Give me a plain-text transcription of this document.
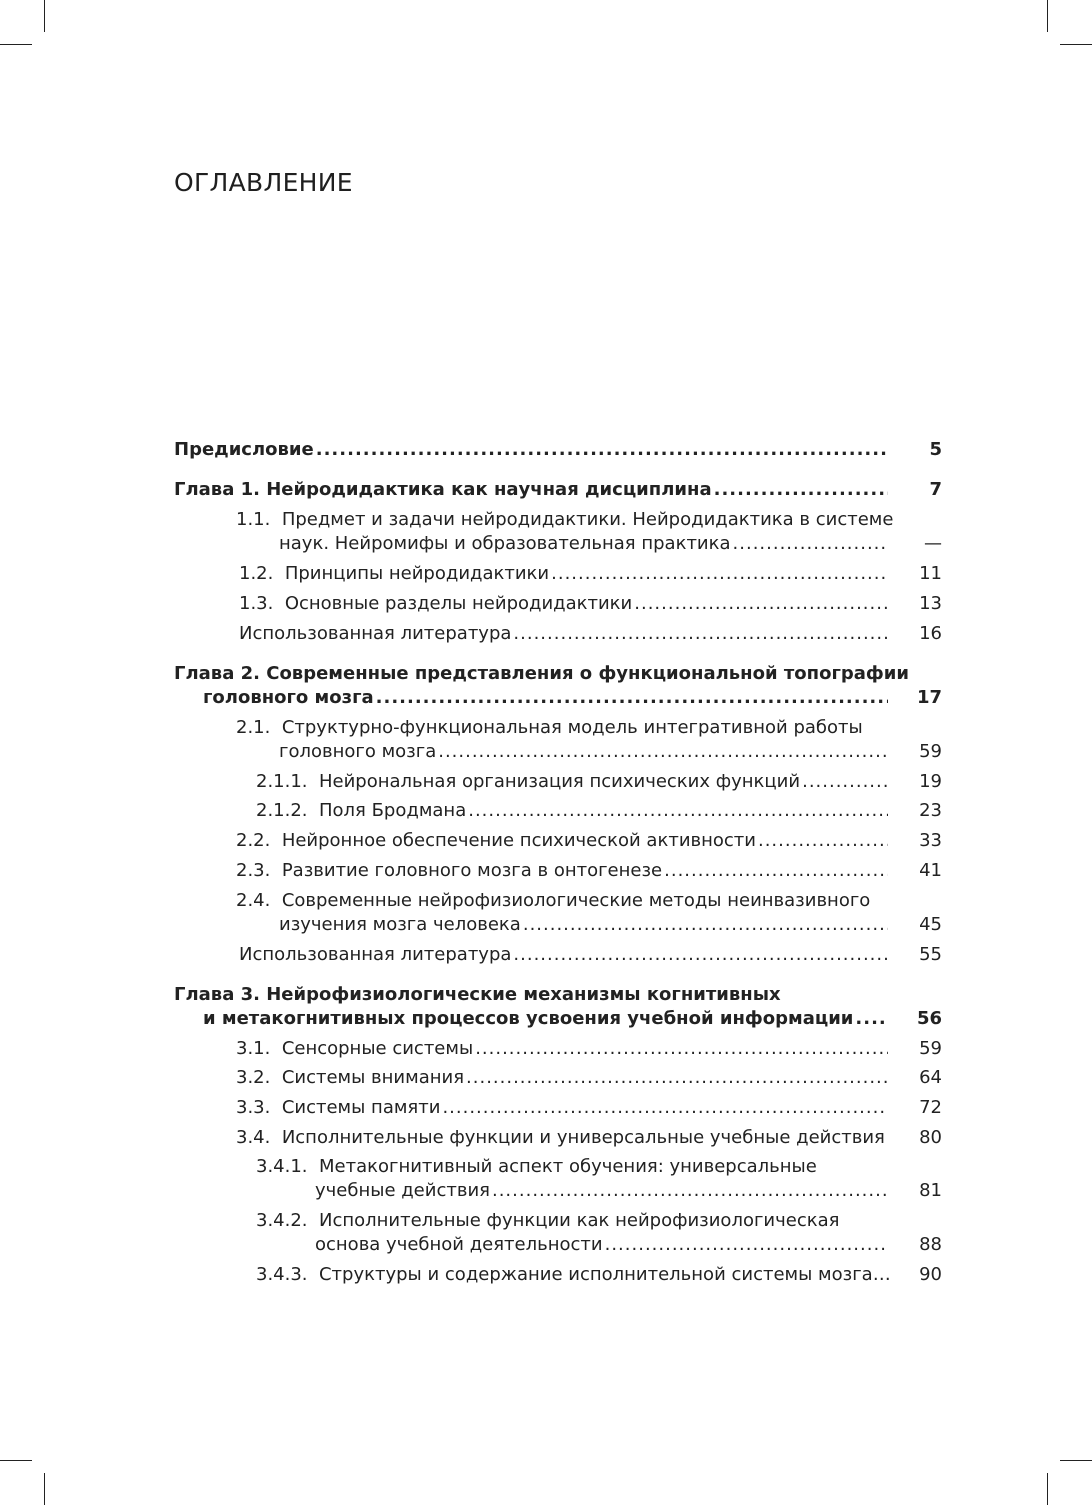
ОГЛАВЛЕНИЕ
Предисловие .....	5
Глава 1. Нейродидактика как научная дисциплина .....	7
1.1. Предмет и задачи нейродидактики. Нейродидактика в системе
наук. Нейромифы и образовательная практика .....	—
1.2. Принципы нейродидактики .....	11
1.3. Основные разделы нейродидактики .....	13
Использованная литература .....	16
Глава 2. Современные представления о функциональной топографии
головного мозга .....	17
2.1. Структурно-функциональная модель интегративной работы
головного мозга .....	59
2.1.1. Нейрональная организация психических функций .....	19
2.1.2. Поля Бродмана .....	23
2.2. Нейронное обеспечение психической активности .....	33
2.3. Развитие головного мозга в онтогенезе .....	41
2.4. Современные нейрофизиологические методы неинвазивного
изучения мозга человека .....	45
Использованная литература .....	55
Глава 3. Нейрофизиологические механизмы когнитивных
и метакогнитивных процессов усвоения учебной информации .....	56
3.1. Сенсорные системы .....	59
3.2. Системы внимания .....	64
3.3. Системы памяти .....	72
3.4. Исполнительные функции и универсальные учебные действия	80
3.4.1. Метакогнитивный аспект обучения: универсальные
учебные действия .....	81
3.4.2. Исполнительные функции как нейрофизиологическая
основа учебной деятельности .....	88
3.4.3. Структуры и содержание исполнительной системы мозга…	90
